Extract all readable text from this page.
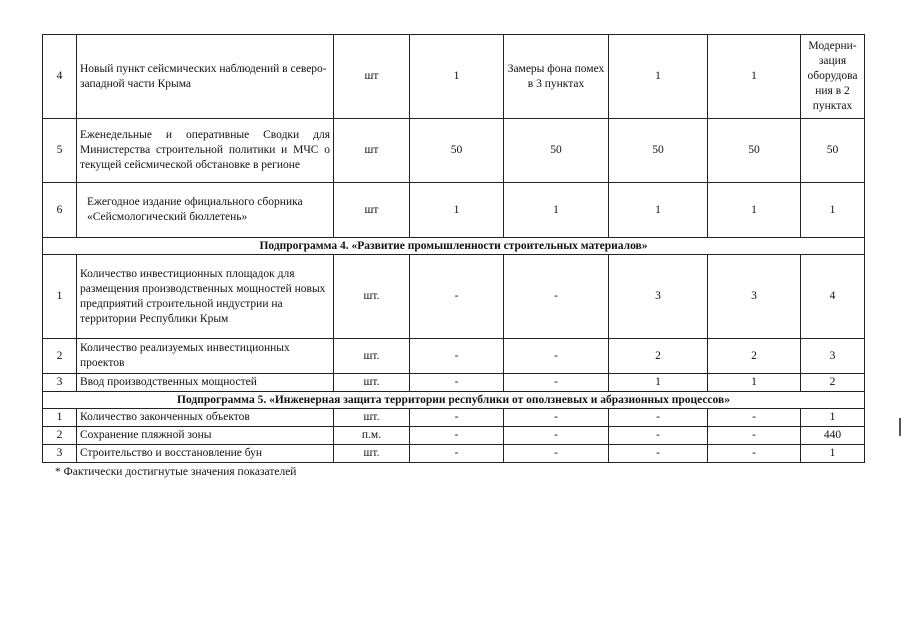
4	Новый пункт сейсмических наблюдений в северо-западной части Крыма	шт	1	Замеры фона помех в 3 пунктах	1	1	Модерни-зация оборудова ния в 2 пунктах
5	Еженедельные и оперативные Сводки для Министерства строительной политики и МЧС о текущей сейсмической обстановке в регионе	шт	50	50	50	50	50
6	Ежегодное издание официального сборника «Сейсмологический бюллетень»	шт	1	1	1	1	1
Подпрограмма 4. «Развитие промышленности строительных материалов»							
1	Количество инвестиционных площадок для размещения производственных мощностей новых предприятий строительной индустрии на территории Республики Крым	шт.	-	-	3	3	4
2	Количество реализуемых инвестиционных проектов	шт.	-	-	2	2	3
3	Ввод производственных мощностей	шт.	-	-	1	1	2
Подпрограмма 5. «Инженерная защита территории республики от оползневых и абразионных процессов»							
1	Количество законченных объектов	шт.	-	-	-	-	1
2	Сохранение пляжной зоны	п.м.	-	-	-	-	440
3	Строительство и восстановление бун	шт.	-	-	-	-	1
* Фактически достигнутые значения показателей
